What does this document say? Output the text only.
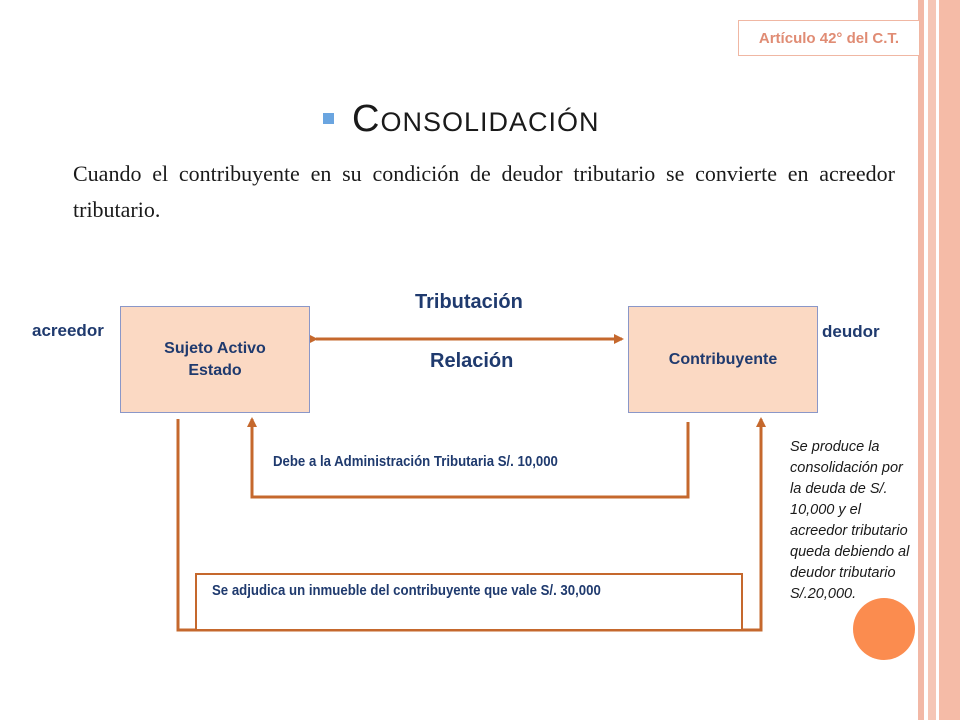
Artículo 42° del C.T.
Consolidación

Cuando el contribuyente en su condición de deudor tributario se convierte en acreedor tributario.

Sujeto Activo
Estado
Contribuyente
acreedor	deudor
Tributación
Relación
Debe a la Administración Tributaria S/. 10,000
Se adjudica un inmueble del contribuyente que vale S/. 30,000
Se produce la consolidación por la deuda de S/. 10,000 y el acreedor tributario queda debiendo al deudor tributario S/.20,000.
